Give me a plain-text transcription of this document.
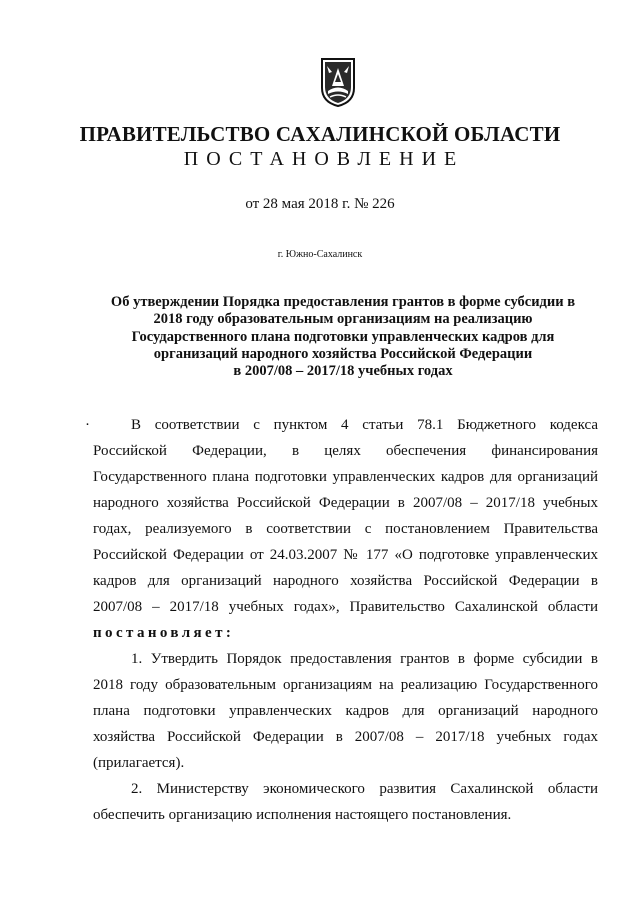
ПРАВИТЕЛЬСТВО САХАЛИНСКОЙ ОБЛАСТИ
ПОСТАНОВЛЕНИЕ
от 28 мая 2018 г. № 226
г. Южно-Сахалинск
Об утверждении Порядка предоставления грантов в форме субсидии в
2018 году образовательным организациям на реализацию
Государственного плана подготовки управленческих кадров для
организаций народного хозяйства Российской Федерации
в 2007/08 – 2017/18 учебных годах
·	В соответствии с пунктом 4 статьи 78.1 Бюджетного кодекса
Российской Федерации, в целях обеспечения финансирования
Государственного плана подготовки управленческих кадров для организаций
народного хозяйства Российской Федерации в 2007/08 – 2017/18 учебных
годах, реализуемого в соответствии с постановлением Правительства
Российской Федерации от 24.03.2007 № 177 «О подготовке управленческих
кадров для организаций народного хозяйства Российской Федерации в
2007/08 – 2017/18 учебных годах», Правительство Сахалинской области
постановляет:
1. Утвердить Порядок предоставления грантов в форме субсидии в
2018 году образовательным организациям на реализацию Государственного
плана подготовки управленческих кадров для организаций народного
хозяйства Российской Федерации в 2007/08 – 2017/18 учебных годах
(прилагается).
2. Министерству экономического развития Сахалинской области
обеспечить организацию исполнения настоящего постановления.
